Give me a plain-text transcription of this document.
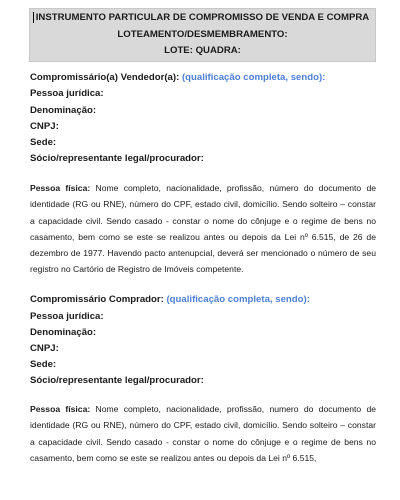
INSTRUMENTO PARTICULAR DE COMPROMISSO DE VENDA E COMPRA
LOTEAMENTO/DESMEMBRAMENTO:
LOTE: QUADRA:
Compromissário(a) Vendedor(a): (qualificação completa, sendo):
Pessoa jurídica:
Denominação:
CNPJ:
Sede:
Sócio/representante legal/procurador:
Pessoa física: Nome completo, nacionalidade, profissão, número do documento de identidade (RG ou RNE), número do CPF, estado civil, domicílio. Sendo solteiro – constar a capacidade civil. Sendo casado - constar o nome do cônjuge e o regime de bens no casamento, bem como se este se realizou antes ou depois da Lei nº 6.515, de 26 de dezembro de 1977. Havendo pacto antenupcial, deverá ser mencionado o número de seu registro no Cartório de Registro de Imóveis competente.
Compromissário Comprador: (qualificação completa, sendo):
Pessoa jurídica:
Denominação:
CNPJ:
Sede:
Sócio/representante legal/procurador:
Pessoa física: Nome completo, nacionalidade, profissão, numero do documento de identidade (RG ou RNE), número do CPF, estado civil, domicílio. Sendo solteiro – constar a capacidade civil. Sendo casado - constar o nome do cônjuge e o regime de bens no casamento, bem como se este se realizou antes ou depois da Lei nº 6.515,
